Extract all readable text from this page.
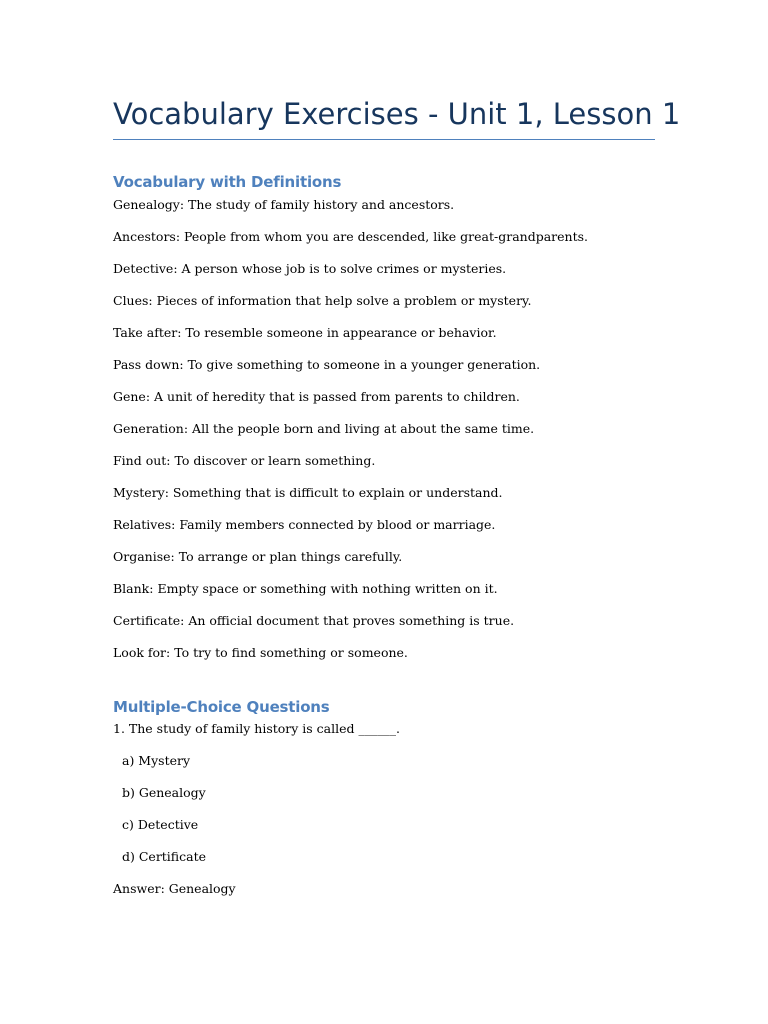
Vocabulary Exercises - Unit 1, Lesson 1
Vocabulary with Definitions

Genealogy: The study of family history and ancestors.

Ancestors: People from whom you are descended, like great-grandparents.

Detective: A person whose job is to solve crimes or mysteries.

Clues: Pieces of information that help solve a problem or mystery.

Take after: To resemble someone in appearance or behavior.

Pass down: To give something to someone in a younger generation.

Gene: A unit of heredity that is passed from parents to children.

Generation: All the people born and living at about the same time.

Find out: To discover or learn something.

Mystery: Something that is difficult to explain or understand.

Relatives: Family members connected by blood or marriage.

Organise: To arrange or plan things carefully.

Blank: Empty space or something with nothing written on it.

Certificate: An official document that proves something is true.

Look for: To try to find something or someone.

Multiple-Choice Questions

1. The study of family history is called ______.

a) Mystery

b) Genealogy

c) Detective

d) Certificate

Answer: Genealogy
